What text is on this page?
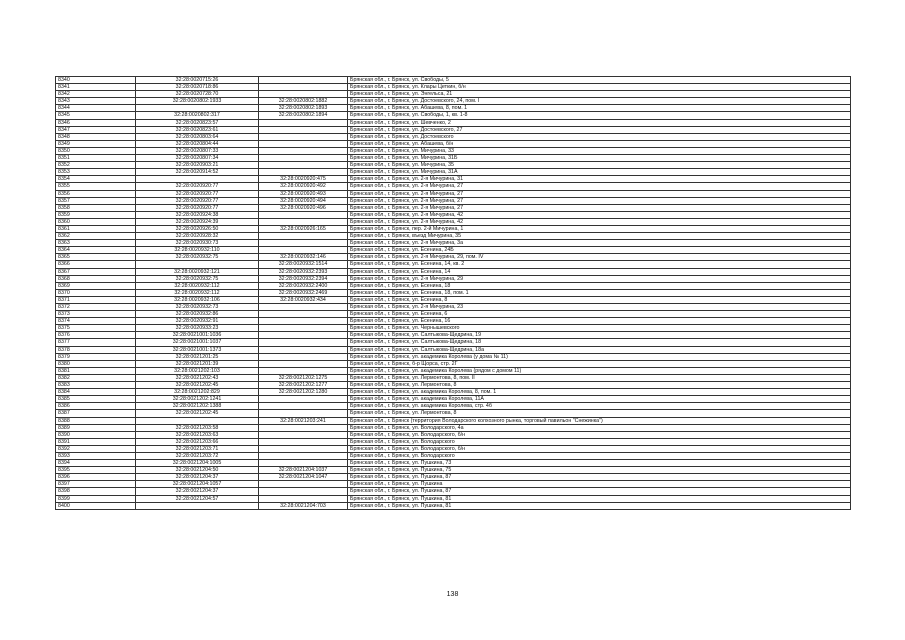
8340	32:28:0020715:26		Брянская обл., г. Брянск, ул. Свободы, 5
8341	32:28:0020718:86		Брянская обл., г. Брянск, ул. Клары Цеткин, б/н
8342	32:28:0020728:70		Брянская обл., г. Брянск, ул. Энгельса, 21
8343	32:28:0020802:1933	32:28:0020802:1882	Брянская обл., г. Брянск, ул. Достоевского, 24, пом. I
8344		32:28:0020802:1893	Брянская обл., г. Брянск, ул. Абашева, 8, пом. 1
8345	32:28:0020802:317	32:28:0020802:1894	Брянская обл., г. Брянск, ул. Свободы, 1, кв. 1-8
8346	32:28:0020823:57		Брянская обл., г. Брянск, ул. Шевченко, 2
8347	32:28:0020823:61		Брянская обл., г. Брянск, ул. Достоевского, 27
8348	32:28:0020803:64		Брянская обл., г. Брянск, ул. Достоевского
8349	32:28:0020804:44		Брянская обл., г. Брянск, ул. Абашева, б/н
8350	32:28:0020807:33		Брянская обл., г. Брянск, ул. Мичурина, 33
8351	32:28:0020807:34		Брянская обл., г. Брянск, ул. Мичурина, 31Б
8352	32:28:0020903:21		Брянская обл., г. Брянск, ул. Мичурина, 35
8353	32:28:0020914:52		Брянская обл., г. Брянск, ул. Мичурина, 31А
8354		32:28:0020920:475	Брянская обл., г. Брянск, ул. 2-я Мичурина, 31
8355	32:28:0020920:77	32:28:0020920:492	Брянская обл., г. Брянск, ул. 2-я Мичурина, 27
8356	32:28:0020920:77	32:28:0020920:493	Брянская обл., г. Брянск, ул. 2-я Мичурина, 27
8357	32:28:0020920:77	32:28:0020920:494	Брянская обл., г. Брянск, ул. 2-я Мичурина, 27
8358	32:28:0020920:77	32:28:0020920:496	Брянская обл., г. Брянск, ул. 2-я Мичурина, 27
8359	32:28:0020924:38		Брянская обл., г. Брянск, ул. 2-я Мичурина, 42
8360	32:28:0020924:39		Брянская обл., г. Брянск, ул. 2-я Мичурина, 42
8361	32:28:0020926:50	32:28:0020926:165	Брянская обл., г. Брянск, пер. 2-й Мичурина, 1
8362	32:28:0020928:32		Брянская обл., г. Брянск, въезд Мичурина, 35
8363	32:28:0020930:73		Брянская обл., г. Брянск, ул. 2-я Мичурина, 3а
8364	32:28:0020932:110		Брянская обл., г. Брянск, ул. Есенина, 24Б
8365	32:28:0020932:75	32:28:0020932:146	Брянская обл., г. Брянск, ул. 2-я Мичурина, 29, пом. IV
8366		32:28:0020932:1514	Брянская обл., г. Брянск, ул. Есенина, 14, кв. 2
8367	32:28:0020932:121	32:28:0020932:2393	Брянская обл., г. Брянск, ул. Есенина, 14
8368	32:28:0020932:75	32:28:0020932:2394	Брянская обл., г. Брянск, ул. 2-я Мичурина, 29
8369	32:28:0020932:112	32:28:0020932:2400	Брянская обл., г. Брянск, ул. Есенина, 18
8370	32:28:0020932:112	32:28:0020932:2469	Брянская обл., г. Брянск, ул. Есенина, 18, пом. 1
8371	32:28:0020932:106	32:28:0020932:434	Брянская обл., г. Брянск, ул. Есенина, 8
8372	32:28:0020932:73		Брянская обл., г. Брянск, ул. 2-я Мичурина, 23
8373	32:28:0020932:86		Брянская обл., г. Брянск, ул. Есенина, 6
8374	32:28:0020932:91		Брянская обл., г. Брянск, ул. Есенина, 16
8375	32:28:0020933:23		Брянская обл., г. Брянск, ул. Чернышевского
8376	32:28:0021001:1036		Брянская обл., г. Брянск, ул. Салтыкова-Щедрина, 19
8377	32:28:0021001:1037		Брянская обл., г. Брянск, ул. Салтыкова-Щедрина, 18
8378	32:28:0021001:1373		Брянская обл., г. Брянск, ул. Салтыкова-Щедрина, 18а
8379	32:28:0021201:25		Брянская обл., г. Брянск, ул. академика Королева (у дома № 11)
8380	32:28:0021201:39		Брянская обл., г. Брянск, б-р Щорса, стр. 2Г
8381	32:28:0021202:103		Брянская обл., г. Брянск, ул. академика Королева (рядом с домом 11)
8382	32:28:0021202:43	32:28:0021202:1275	Брянская обл., г. Брянск, ул. Лермонтова, 8, пом. II
8383	32:28:0021202:45	32:28:0021202:1277	Брянская обл., г. Брянск, ул. Лермонтова, 8
8384	32:28:0021202:829	32:28:0021202:1280	Брянская обл., г. Брянск, ул. академика Королева, 8, пом. 1
8385	32:28:0021202:1241		Брянская обл., г. Брянск, ул. академика Королева, 11А
8386	32:28:0021202:1388		Брянская обл., г. Брянск, ул. академика Королева, стр. 4б
8387	32:28:0021202:45		Брянская обл., г. Брянск, ул. Лермонтова, 8
8388		32:28:0021203:241	Брянская обл., г. Брянск (территория Володарского колхозного рынка, торговый павильон "Снежинка")
8389	32:28:0021203:58		Брянская обл., г. Брянск, ул. Володарского, 4а
8390	32:28:0021203:63		Брянская обл., г. Брянск, ул. Володарского, б/н
8391	32:28:0021203:66		Брянская обл., г. Брянск, ул. Володарского
8392	32:28:0021203:71		Брянская обл., г. Брянск, ул. Володарского, б/н
8393	32:28:0021203:72		Брянская обл., г. Брянск, ул. Володарского
8394	32:28:0021204:1005		Брянская обл., г. Брянск, ул. Пушкина, 73
8395	32:28:0021204:50	32:28:0021204:1037	Брянская обл., г. Брянск, ул. Пушкина, 75
8396	32:28:0021204:37	32:28:0021204:1047	Брянская обл., г. Брянск, ул. Пушкина, 87
8397	32:28:0021204:1057		Брянская обл., г. Брянск, ул. Пушкина
8398	32:28:0021204:37		Брянская обл., г. Брянск, ул. Пушкина, 87
8399	32:28:0021204:57		Брянская обл., г. Брянск, ул. Пушкина, 81
8400		32:28:0021204:703	Брянская обл., г. Брянск, ул. Пушкина, 81
138
